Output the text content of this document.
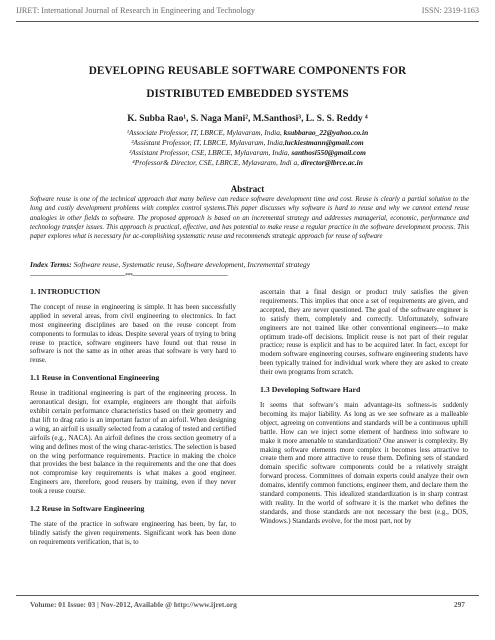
IJRET: International Journal of Research in Engineering and Technology	ISSN: 2319-1163
DEVELOPING REUSABLE SOFTWARE COMPONENTS FOR
DISTRIBUTED EMBEDDED SYSTEMS
K. Subba Rao¹, S. Naga Mani², M.Santhosi³, L. S. S. Reddy ⁴
¹Associate Professor, IT, LBRCE, Mylavaram, India, ksubbarao_22@yahoo.co.in
²Assistant Professor, IT, LBRCE, Mylavaram, India,luckiestmann@gmail.com
³Assistant Professor, CSE, LBRCE, Mylavaram, India, santhosi550@gmail.com
⁴Professor& Director, CSE, LBRCE, Mylavaram, Indi a, director@lbrce.ac.in
Abstract
Software reuse is one of the technical approach that many believe can reduce software development time and cost. Reuse is clearly a partial solution to the long and costly development problems with complex control systems.This paper discusses why software is hard to reuse and why we cannot extend reuse analogies in other fields to software. The proposed approach is based on an incremental strategy and addresses managerial, economic, performance and technology transfer issues. This approach is practical, effective, and has potential to make reuse a regular practice in the software development process. This paper explores what is necessary for ac-complishing systematic reuse and recommends strategic approach for reuse of software
Index Terms: Software reuse, Systematic reuse, Software development, Incremental strategy
--------------------------------------------------------------------***--------------------------------------------------------------------
1. INTRODUCTION

The concept of reuse in engineering is simple. It has been successfully applied in several areas, from civil engineering to electronics. In fact most engineering disciplines are based on the reuse concept from components to formulas to ideas. Despite several years of trying to bring reuse to practice, software engineers have found out that reuse in software is not the same as in other areas that software is very hard to reuse.

1.1 Reuse in Conventional Engineering

Reuse in traditional engineering is part of the engineering process. In aeronautical design, for example, engineers are thought that airfoils exhibit certain performance characteristics based on their geometry and that lift to drag ratio is an important factor of an airfoil. When designing a wing, an airfoil is usually selected from a catalog of tested and certified airfoils (e.g., NACA). An airfoil defines the cross section geometry of a wing and defines most of the wing charac-teristics. The selection is based on the wing performance requirements. Practice in making the choice that provides the best balance in the requirements and the one that does not compromise key requirements is what makes a good engineer. Engineers are, therefore, good reusers by training, even if they never took a reuse course.

1.2 Reuse in Software Engineering

The state of the practice in software engineering has been, by far, to blindly satisfy the given requirements. Significant work has been done on requirements verification, that is, to

ascertain that a final design or product truly satisfies the given requirements. This implies that once a set of requirements are given, and accepted, they are never questioned. The goal of the software engineer is to satisfy them, completely and correctly. Unfortunately, software engineers are not trained like other conventional engineers—to make optimum trade-off decisions. Implicit reuse is not part of their regular practice; reuse is explicit and has to be acquired later. In fact, except for modern software engineering courses, software engineering students have been typically trained for individual work where they are asked to create their own programs from scratch.

1.3 Developing Software Hard

It seems that software’s main advantage-its softness-is suddenly becoming its major liability. As long as we see software as a malleable object, agreeing on conventions and standards will be a continuous uphill battle. How can we inject some element of hardness into software to make it more amenable to standardization? One answer is complexity. By making software elements more complex it becomes less attractive to create them and more attractive to reuse them. Defining sets of standard domain specific software components could be a relatively straight forward process. Committees of domain experts could analyze their own domains, identify common functions, engineer them, and declare them the standard components. This idealized standardization is in sharp contrast with reality. In the world of software it is the market who defines the standards, and those standards are not necessary the best (e.g., DOS, Windows.) Standards evolve, for the most part, not by

Volume: 01 Issue: 03 | Nov-2012, Available @ http://www.ijret.org	297
